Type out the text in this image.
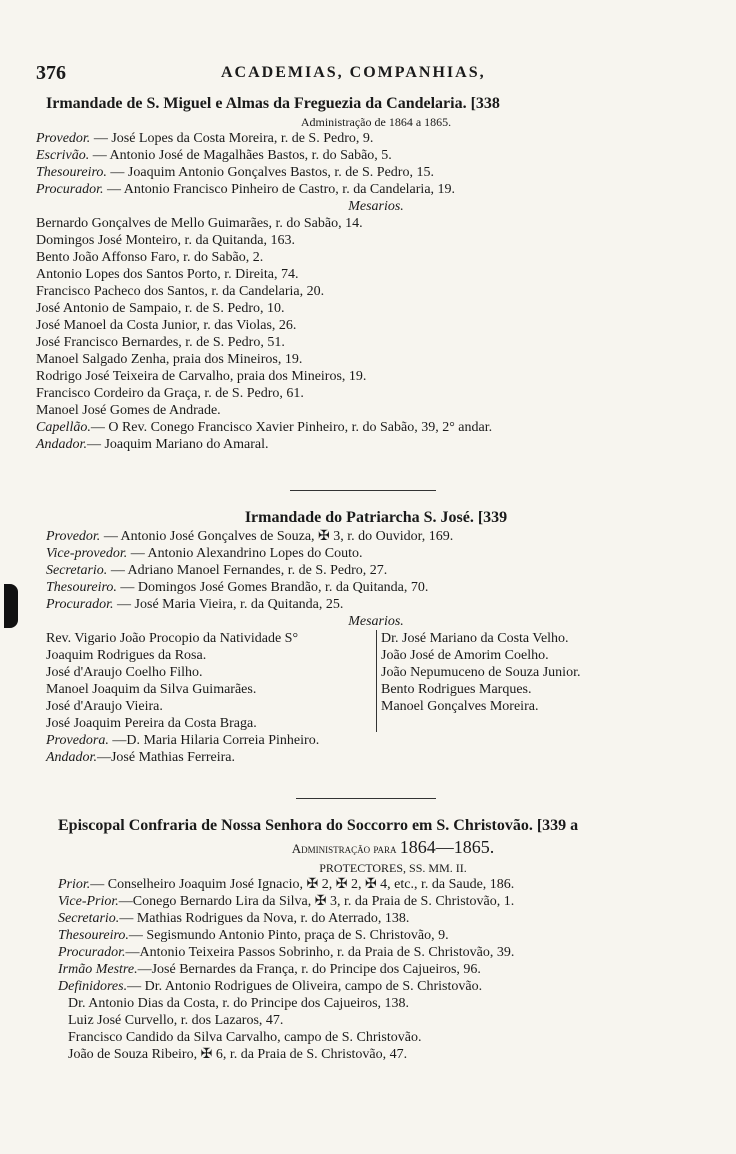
376	ACADEMIAS, COMPANHIAS,
Irmandade de S. Miguel e Almas da Freguezia da Candelaria. [338
Administração de 1864 a 1865.
Provedor. — José Lopes da Costa Moreira, r. de S. Pedro, 9.
Escrivão. — Antonio José de Magalhães Bastos, r. do Sabão, 5.
Thesoureiro. — Joaquim Antonio Gonçalves Bastos, r. de S. Pedro, 15.
Procurador. — Antonio Francisco Pinheiro de Castro, r. da Candelaria, 19.
Mesarios.
Bernardo Gonçalves de Mello Guimarães, r. do Sabão, 14.
Domingos José Monteiro, r. da Quitanda, 163.
Bento João Affonso Faro, r. do Sabão, 2.
Antonio Lopes dos Santos Porto, r. Direita, 74.
Francisco Pacheco dos Santos, r. da Candelaria, 20.
José Antonio de Sampaio, r. de S. Pedro, 10.
José Manoel da Costa Junior, r. das Violas, 26.
José Francisco Bernardes, r. de S. Pedro, 51.
Manoel Salgado Zenha, praia dos Mineiros, 19.
Rodrigo José Teixeira de Carvalho, praia dos Mineiros, 19.
Francisco Cordeiro da Graça, r. de S. Pedro, 61.
Manoel José Gomes de Andrade.
Capellão.— O Rev. Conego Francisco Xavier Pinheiro, r. do Sabão, 39, 2° andar.
Andador.— Joaquim Mariano do Amaral.
Irmandade do Patriarcha S. José. [339
Provedor. — Antonio José Gonçalves de Souza, ✠ 3, r. do Ouvidor, 169.
Vice-provedor. — Antonio Alexandrino Lopes do Couto.
Secretario. — Adriano Manoel Fernandes, r. de S. Pedro, 27.
Thesoureiro. — Domingos José Gomes Brandão, r. da Quitanda, 70.
Procurador. — José Maria Vieira, r. da Quitanda, 25.
Mesarios.
Rev. Vigario João Procopio da Natividade S°
Joaquim Rodrigues da Rosa.
José d'Araujo Coelho Filho.
Manoel Joaquim da Silva Guimarães.
José d'Araujo Vieira.
José Joaquim Pereira da Costa Braga.
Dr. José Mariano da Costa Velho.
João José de Amorim Coelho.
João Nepumuceno de Souza Junior.
Bento Rodrigues Marques.
Manoel Gonçalves Moreira.
Provedora. —D. Maria Hilaria Correia Pinheiro.
Andador.—José Mathias Ferreira.
Episcopal Confraria de Nossa Senhora do Soccorro em S. Christovão. [339 a
Administração para 1864—1865.
PROTECTORES, SS. MM. II.
Prior.— Conselheiro Joaquim José Ignacio, ✠ 2, ✠ 2, ✠ 4, etc., r. da Saude, 186.
Vice-Prior.—Conego Bernardo Lira da Silva, ✠ 3, r. da Praia de S. Christovão, 1.
Secretario.— Mathias Rodrigues da Nova, r. do Aterrado, 138.
Thesoureiro.— Segismundo Antonio Pinto, praça de S. Christovão, 9.
Procurador.—Antonio Teixeira Passos Sobrinho, r. da Praia de S. Christovão, 39.
Irmão Mestre.—José Bernardes da França, r. do Principe dos Cajueiros, 96.
Definidores.— Dr. Antonio Rodrigues de Oliveira, campo de S. Christovão.
Dr. Antonio Dias da Costa, r. do Principe dos Cajueiros, 138.
Luiz José Curvello, r. dos Lazaros, 47.
Francisco Candido da Silva Carvalho, campo de S. Christovão.
João de Souza Ribeiro, ✠ 6, r. da Praia de S. Christovão, 47.
